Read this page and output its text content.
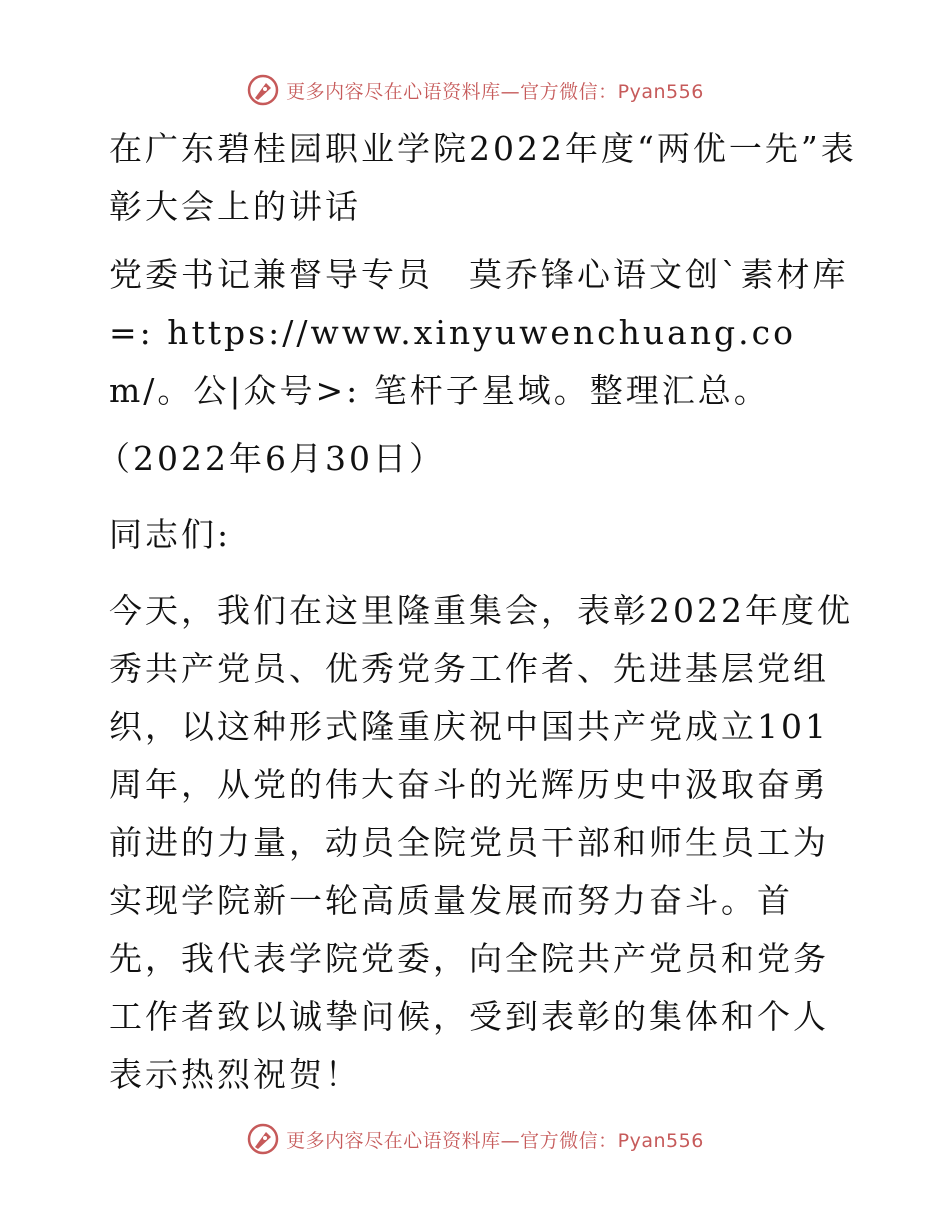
更多内容尽在心语资料库 —官方微信：Pyan556

在广东碧桂园职业学院2022年度“两优一先”表彰大会上的讲话

党委书记兼督导专员　莫乔锋心语文创`素材库=: https://www.xinyuwenchuang.com/。公|众号>: 笔杆子星域。整理汇总。

（2022年6月30日）

同志们:

今天，我们在这里隆重集会，表彰2022年度优秀共产党员、优秀党务工作者、先进基层党组织，以这种形式隆重庆祝中国共产党成立101周年，从党的伟大奋斗的光辉历史中汲取奋勇前进的力量，动员全院党员干部和师生员工为实现学院新一轮高质量发展而努力奋斗。首先，我代表学院党委，向全院共产党员和党务工作者致以诚挚问候，受到表彰的集体和个人表示热烈祝贺！

更多内容尽在心语资料库 —官方微信：Pyan556
